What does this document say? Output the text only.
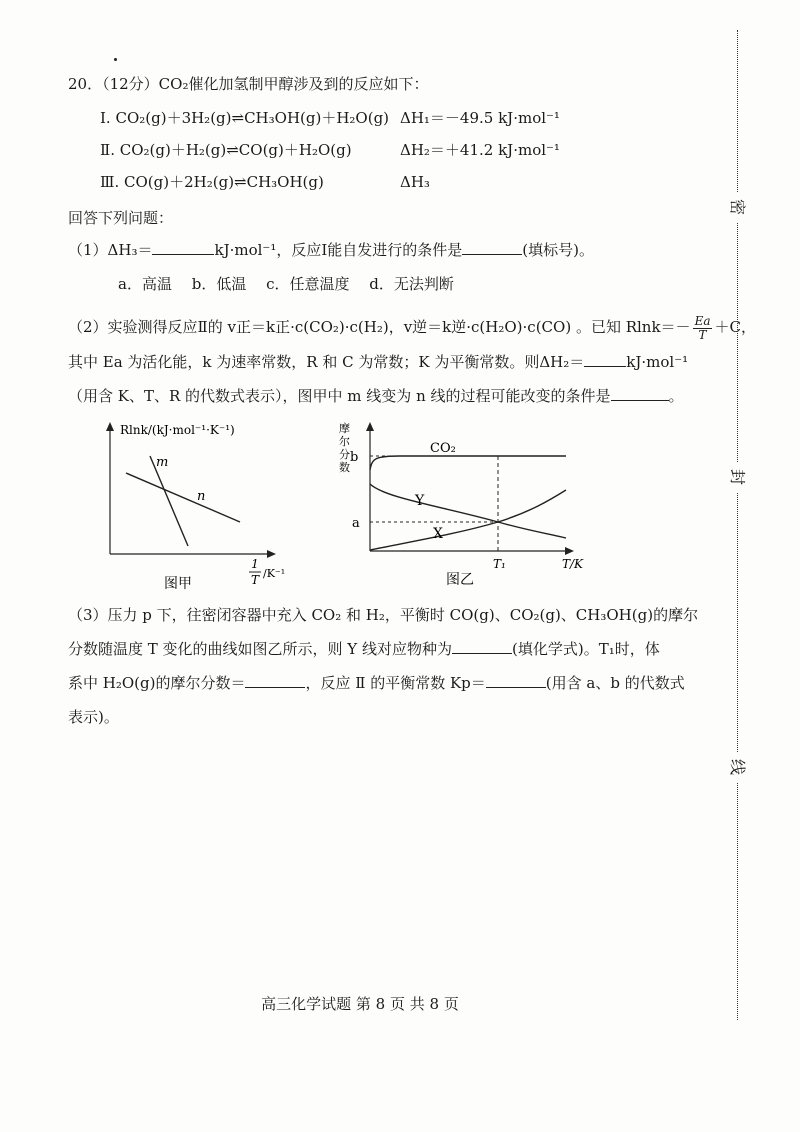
20．（12分）CO₂催化加氢制甲醇涉及到的反应如下：
Ⅰ. CO₂(g)＋3H₂(g)⇌CH₃OH(g)＋H₂O(g) ΔH₁＝－49.5 kJ·mol⁻¹
Ⅱ. CO₂(g)＋H₂(g)⇌CO(g)＋H₂O(g)	ΔH₂＝＋41.2 kJ·mol⁻¹
Ⅲ. CO(g)＋2H₂(g)⇌CH₃OH(g)	ΔH₃
回答下列问题：
（1）ΔH₃＝	kJ·mol⁻¹，反应Ⅰ能自发进行的条件是	(填标号)。
a．高温　 b．低温　 c．任意温度　 d．无法判断
（2）实验测得反应Ⅱ的 v正＝k正·c(CO₂)·c(H₂)，v逆＝k逆·c(H₂O)·c(CO) 。已知 $Rlnk=- \frac{Ea}{T} +C$，
其中 Ea 为活化能，k 为速率常数，R 和 C 为常数；K 为平衡常数。则ΔH₂＝	kJ·mol⁻¹
（用含 K、T、R 的代数式表示），图甲中 m 线变为 n 线的过程可能改变的条件是	。
Rlnk/(kJ·mol⁻¹·K⁻¹)
m
n
1
T /K⁻¹
图甲
摩尔分数
CO₂
b
Y
X
a
T₁	T/K
图乙
（3）压力 p 下，往密闭容器中充入 CO₂ 和 H₂，平衡时 CO(g)、CO₂(g)、CH₃OH(g)的摩尔
分数随温度 T 变化的曲线如图乙所示，则 Y 线对应物种为	(填化学式)。T₁时，体
系中 H₂O(g)的摩尔分数＝	，反应 Ⅱ 的平衡常数 Kp＝	(用含 a、b 的代数式
表示)。
密
封
线
高三化学试题 第 8 页 共 8 页
